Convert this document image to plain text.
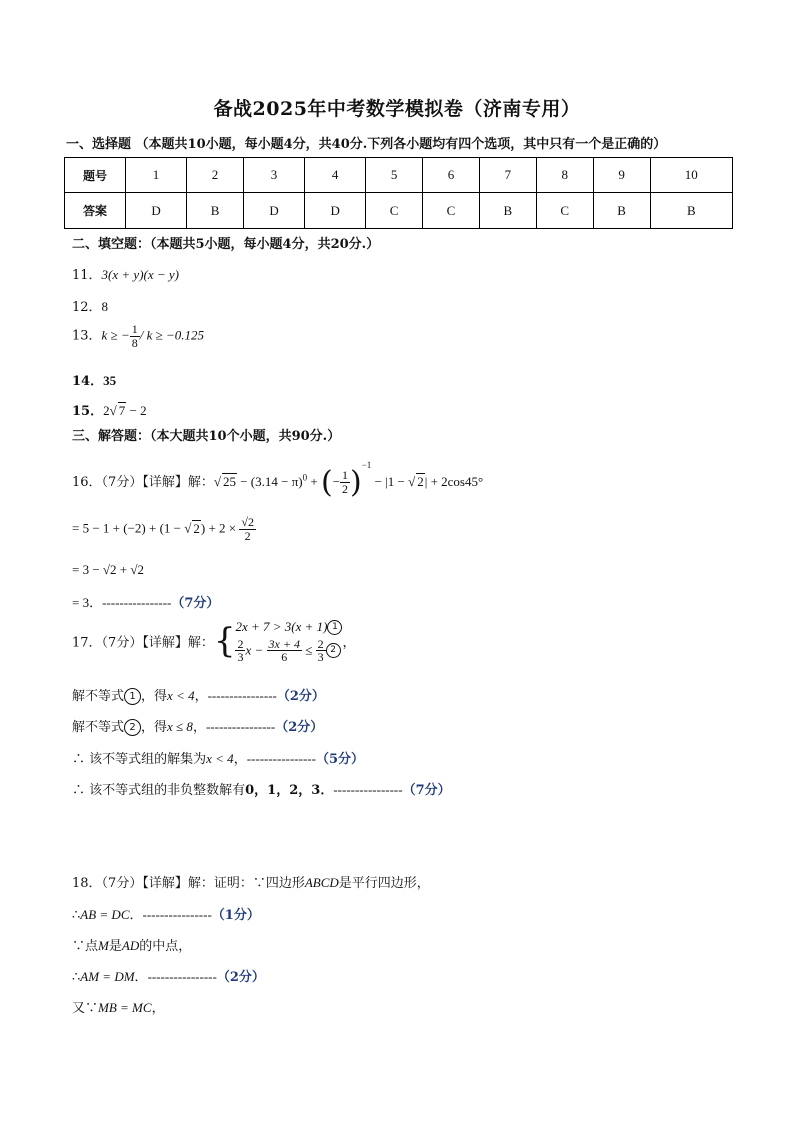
备战2025年中考数学模拟卷（济南专用）
一、选择题 （本题共10小题，每小题4分，共40分.下列各小题均有四个选项，其中只有一个是正确的）
题号	1	2	3	4	5	6	7	8	9	10
答案	D	B	D	D	C	C	B	C	B	B
二、填空题：（本题共5小题，每小题4分，共20分.）
11．3(x + y)(x − y)
12．8
13．k ≥ − $\frac{1}{8} / k \ge -0.125$
14．35
15．2√ 7 − 2
三、解答题：（本大题共10个小题，共90分.）
16．（7分）【详解】解：√ $25 - (3.14 - \pi)^0$ + (− $\frac{1}{2} )^{-1} - |1$ − √ 2| + 2cos45°
= 5 − 1 + (−2) + (1 − √ $2) + 2 \times \frac{√2}{2}$
= 3 − √2 + √2
= 3．----------------（7分）
17．（7分）【详解】解：{ 2x + 7 > 3(x + 1) 1
$\frac{2}{3}$ $x - \frac{3x + 4}{6} \le \frac{2}{3} 2$ ，
解不等式 1 ，得x < 4，----------------（2分）
解不等式 2 ，得x ≤ 8，----------------（2分）
∴ 该不等式组的解集为x < 4，----------------（5分）
∴ 该不等式组的非负整数解有0，1，2，3．----------------（7分）
18．（7分）【详解】解：证明：∵四边形ABCD是平行四边形，
∴AB = DC．----------------（1分）
∵点M是AD的中点，
∴AM = DM．----------------（2分）
又∵MB = MC，
